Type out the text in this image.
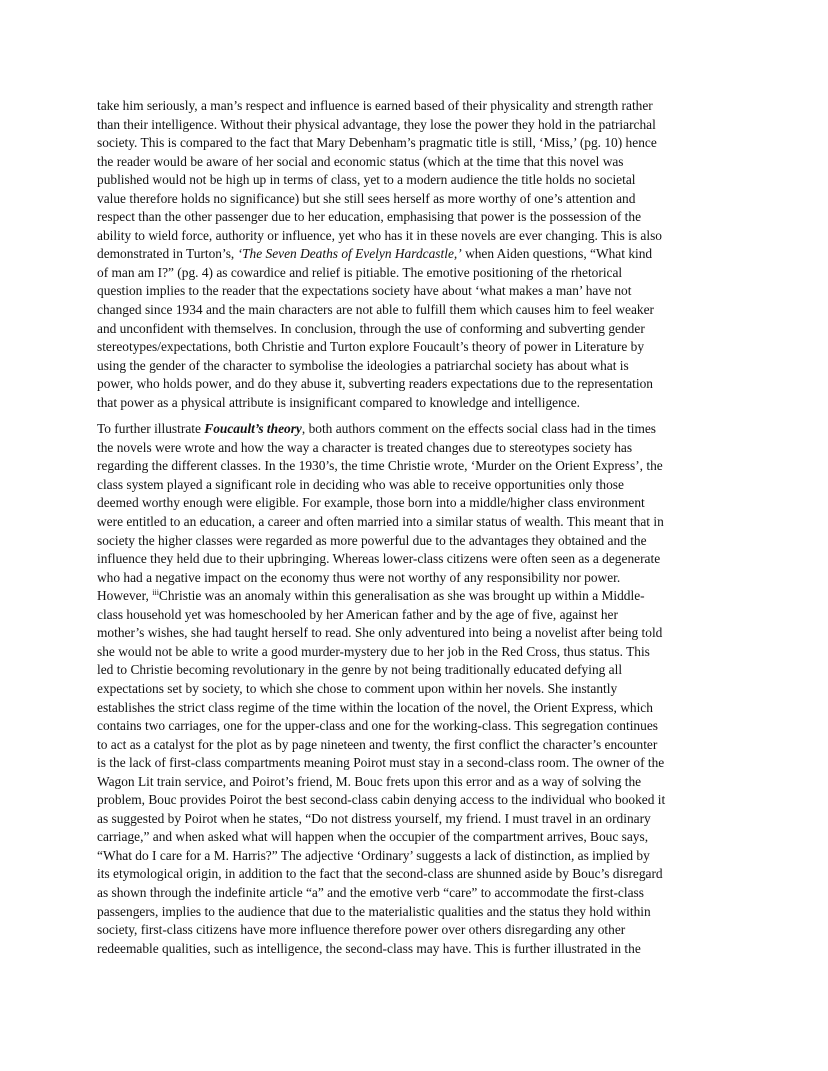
take him seriously, a man’s respect and influence is earned based of their physicality and strength rather
than their intelligence. Without their physical advantage, they lose the power they hold in the patriarchal
society. This is compared to the fact that Mary Debenham’s pragmatic title is still, ‘Miss,’ (pg. 10) hence
the reader would be aware of her social and economic status (which at the time that this novel was
published would not be high up in terms of class, yet to a modern audience the title holds no societal
value therefore holds no significance) but she still sees herself as more worthy of one’s attention and
respect than the other passenger due to her education, emphasising that power is the possession of the
ability to wield force, authority or influence, yet who has it in these novels are ever changing. This is also
demonstrated in Turton’s, ‘The Seven Deaths of Evelyn Hardcastle,’ when Aiden questions, “What kind
of man am I?” (pg. 4) as cowardice and relief is pitiable. The emotive positioning of the rhetorical
question implies to the reader that the expectations society have about ‘what makes a man’ have not
changed since 1934 and the main characters are not able to fulfill them which causes him to feel weaker
and unconfident with themselves. In conclusion, through the use of conforming and subverting gender
stereotypes/expectations, both Christie and Turton explore Foucault’s theory of power in Literature by
using the gender of the character to symbolise the ideologies a patriarchal society has about what is
power, who holds power, and do they abuse it, subverting readers expectations due to the representation
that power as a physical attribute is insignificant compared to knowledge and intelligence.

To further illustrate Foucault’s theory, both authors comment on the effects social class had in the times
the novels were wrote and how the way a character is treated changes due to stereotypes society has
regarding the different classes. In the 1930’s, the time Christie wrote, ‘Murder on the Orient Express’, the
class system played a significant role in deciding who was able to receive opportunities only those
deemed worthy enough were eligible. For example, those born into a middle/higher class environment
were entitled to an education, a career and often married into a similar status of wealth. This meant that in
society the higher classes were regarded as more powerful due to the advantages they obtained and the
influence they held due to their upbringing. Whereas lower-class citizens were often seen as a degenerate
who had a negative impact on the economy thus were not worthy of any responsibility nor power.
However, $^{iii}$Christie was an anomaly within this generalisation as she was brought up within a Middle-
class household yet was homeschooled by her American father and by the age of five, against her
mother’s wishes, she had taught herself to read. She only adventured into being a novelist after being told
she would not be able to write a good murder-mystery due to her job in the Red Cross, thus status. This
led to Christie becoming revolutionary in the genre by not being traditionally educated defying all
expectations set by society, to which she chose to comment upon within her novels. She instantly
establishes the strict class regime of the time within the location of the novel, the Orient Express, which
contains two carriages, one for the upper-class and one for the working-class. This segregation continues
to act as a catalyst for the plot as by page nineteen and twenty, the first conflict the character’s encounter
is the lack of first-class compartments meaning Poirot must stay in a second-class room. The owner of the
Wagon Lit train service, and Poirot’s friend, M. Bouc frets upon this error and as a way of solving the
problem, Bouc provides Poirot the best second-class cabin denying access to the individual who booked it
as suggested by Poirot when he states, “Do not distress yourself, my friend. I must travel in an ordinary
carriage,” and when asked what will happen when the occupier of the compartment arrives, Bouc says,
“What do I care for a M. Harris?” The adjective ‘Ordinary’ suggests a lack of distinction, as implied by
its etymological origin, in addition to the fact that the second-class are shunned aside by Bouc’s disregard
as shown through the indefinite article “a” and the emotive verb “care” to accommodate the first-class
passengers, implies to the audience that due to the materialistic qualities and the status they hold within
society, first-class citizens have more influence therefore power over others disregarding any other
redeemable qualities, such as intelligence, the second-class may have. This is further illustrated in the
